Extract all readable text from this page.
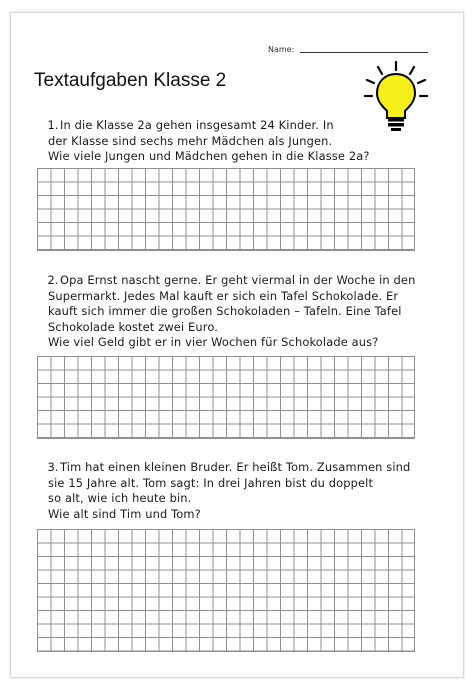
Name:
Textaufgaben Klasse 2
1. In die Klasse 2a gehen insgesamt 24 Kinder. In
der Klasse sind sechs mehr Mädchen als Jungen.
Wie viele Jungen und Mädchen gehen in die Klasse 2a?
2. Opa Ernst nascht gerne. Er geht viermal in der Woche in den
Supermarkt. Jedes Mal kauft er sich ein Tafel Schokolade. Er
kauft sich immer die großen Schokoladen – Tafeln. Eine Tafel
Schokolade kostet zwei Euro.
Wie viel Geld gibt er in vier Wochen für Schokolade aus?
3. Tim hat einen kleinen Bruder. Er heißt Tom. Zusammen sind
sie 15 Jahre alt. Tom sagt: In drei Jahren bist du doppelt
so alt, wie ich heute bin.
Wie alt sind Tim und Tom?
